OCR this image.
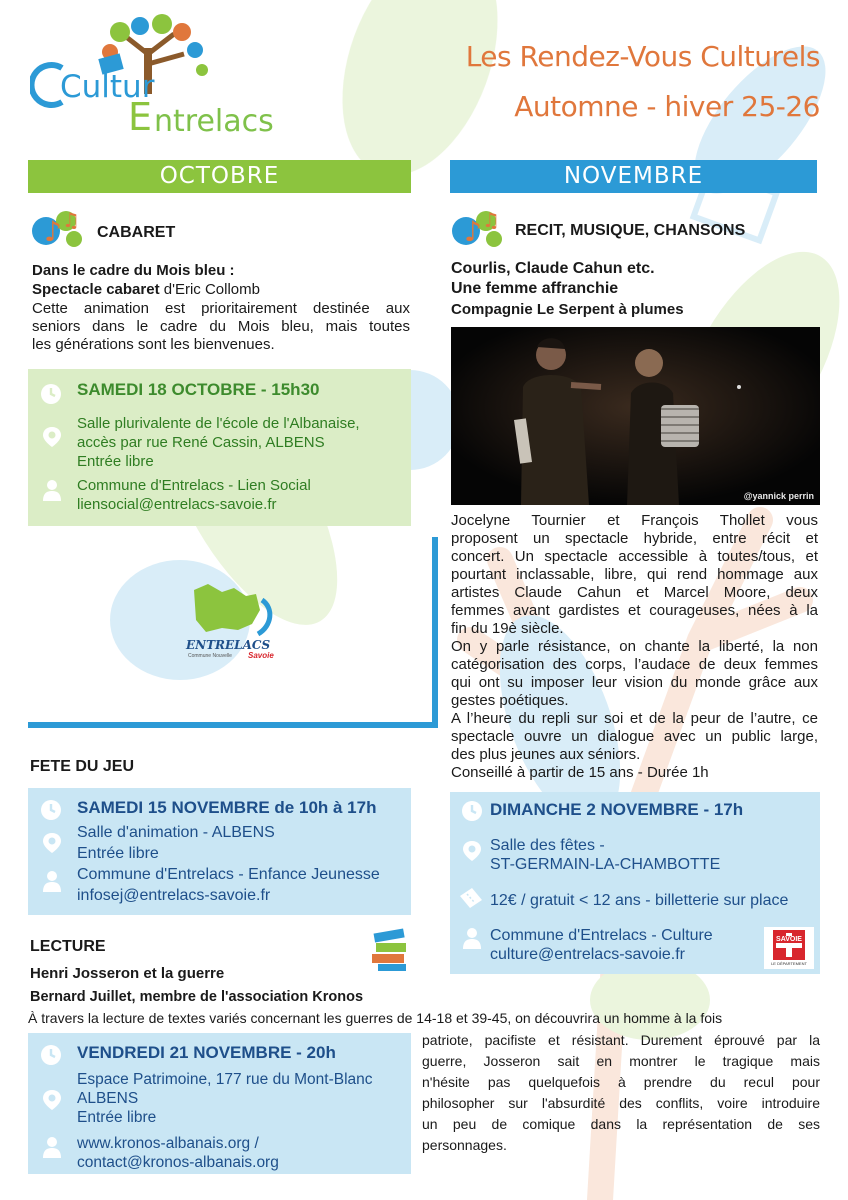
Cultur
E ntrelacs
Les Rendez-Vous Culturels
Automne - hiver 25-26
OCTOBRE	NOVEMBRE
♪ ♫
CABARET
Dans le cadre du Mois bleu :
Spectacle cabaret d'Eric Collomb
Cette animation est prioritairement destinée aux
seniors dans le cadre du Mois bleu, mais toutes
les générations sont les bienvenues.
SAMEDI 18 OCTOBRE - 15h30
Salle plurivalente de l'école de l'Albanaise,
accès par rue René Cassin, ALBENS
Entrée libre
Commune d'Entrelacs - Lien Social
liensocial@entrelacs-savoie.fr
ENTRELACS
Commune Nouvelle Savoie
♪ ♫ RECIT, MUSIQUE, CHANSONS
Courlis, Claude Cahun etc.
Une femme affranchie
Compagnie Le Serpent à plumes
@yannick perrin
Jocelyne Tournier et François Thollet vous
proposent un spectacle hybride, entre récit et
concert. Un spectacle accessible à toutes/tous, et
pourtant inclassable, libre, qui rend hommage aux
artistes Claude Cahun et Marcel Moore, deux
femmes avant gardistes et courageuses, nées à la
fin du 19è siècle.
On y parle résistance, on chante la liberté, la non
catégorisation des corps, l’audace de deux femmes
qui ont su imposer leur vision du monde grâce aux
gestes poétiques.
A l’heure du repli sur soi et de la peur de l’autre, ce
spectacle ouvre un dialogue avec un public large,
des plus jeunes aux séniors.
Conseillé à partir de 15 ans - Durée 1h
DIMANCHE 2 NOVEMBRE - 17h
Salle des fêtes -
ST-GERMAIN-LA-CHAMBOTTE
12€ / gratuit < 12 ans - billetterie sur place
Commune d'Entrelacs - Culture
culture@entrelacs-savoie.fr
SAVOIE
LE DÉPARTEMENT
FETE DU JEU
SAMEDI 15 NOVEMBRE de 10h à 17h
Salle d'animation - ALBENS
Entrée libre
Commune d'Entrelacs - Enfance Jeunesse
infosej@entrelacs-savoie.fr
LECTURE
Henri Josseron et la guerre
Bernard Juillet, membre de l'association Kronos
À travers la lecture de textes variés concernant les guerres de 14-18 et 39-45, on découvrira un homme à la fois
patriote, pacifiste et résistant. Durement éprouvé par la
guerre, Josseron sait en montrer le tragique mais
n'hésite pas quelquefois à prendre du recul pour
philosopher sur l'absurdité des conflits, voire introduire
un peu de comique dans la représentation de ses
personnages.
VENDREDI 21 NOVEMBRE - 20h
Espace Patrimoine, 177 rue du Mont-Blanc
ALBENS
Entrée libre
www.kronos-albanais.org /
contact@kronos-albanais.org
